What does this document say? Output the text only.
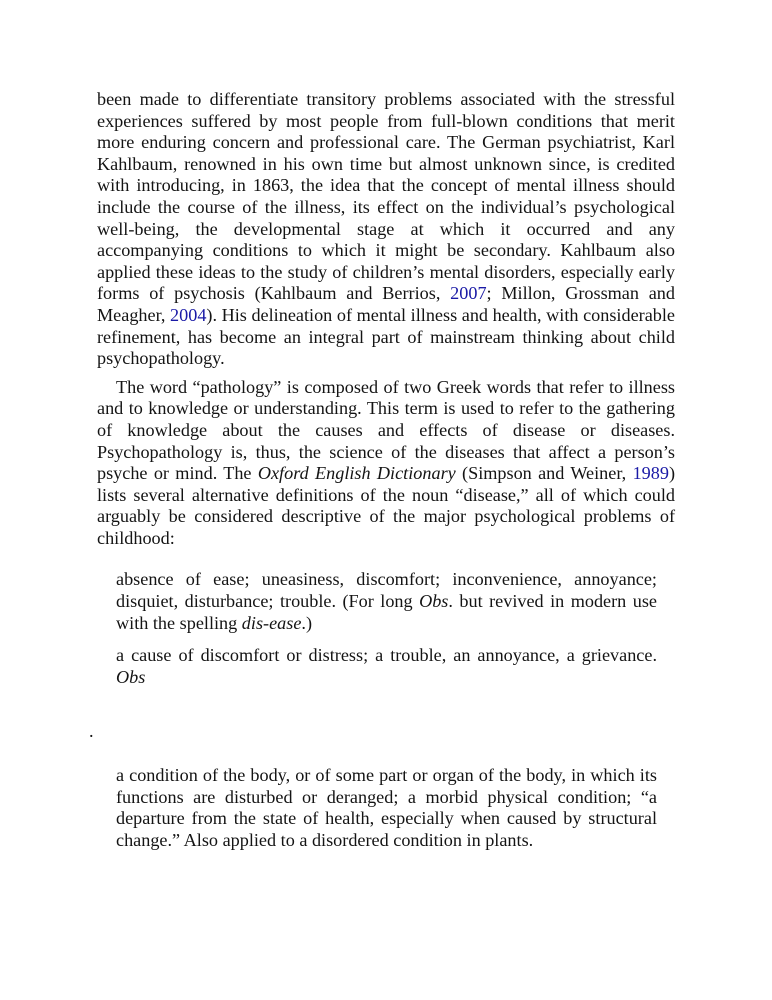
been made to differentiate transitory problems associated with the stressful experiences suffered by most people from full-blown conditions that merit more enduring concern and professional care. The German psychiatrist, Karl Kahlbaum, renowned in his own time but almost unknown since, is credited with introducing, in 1863, the idea that the concept of mental illness should include the course of the illness, its effect on the individual’s psychological well-being, the developmental stage at which it occurred and any accompanying conditions to which it might be secondary. Kahlbaum also applied these ideas to the study of children’s mental disorders, especially early forms of psychosis (Kahlbaum and Berrios, 2007; Millon, Grossman and Meagher, 2004). His delineation of mental illness and health, with considerable refinement, has become an integral part of mainstream thinking about child psychopathology.

The word “pathology” is composed of two Greek words that refer to illness and to knowledge or understanding. This term is used to refer to the gathering of knowledge about the causes and effects of disease or diseases. Psychopathology is, thus, the science of the diseases that affect a person’s psyche or mind. The Oxford English Dictionary (Simpson and Weiner, 1989) lists several alternative definitions of the noun “disease,” all of which could arguably be considered descriptive of the major psychological problems of childhood:

absence of ease; uneasiness, discomfort; inconvenience, annoyance; disquiet, disturbance; trouble. (For long Obs. but revived in modern use with the spelling dis-ease.)

a cause of discomfort or distress; a trouble, an annoyance, a grievance. Obs

.

a condition of the body, or of some part or organ of the body, in which its functions are disturbed or deranged; a morbid physical condition; “a departure from the state of health, especially when caused by structural change.” Also applied to a disordered condition in plants.
